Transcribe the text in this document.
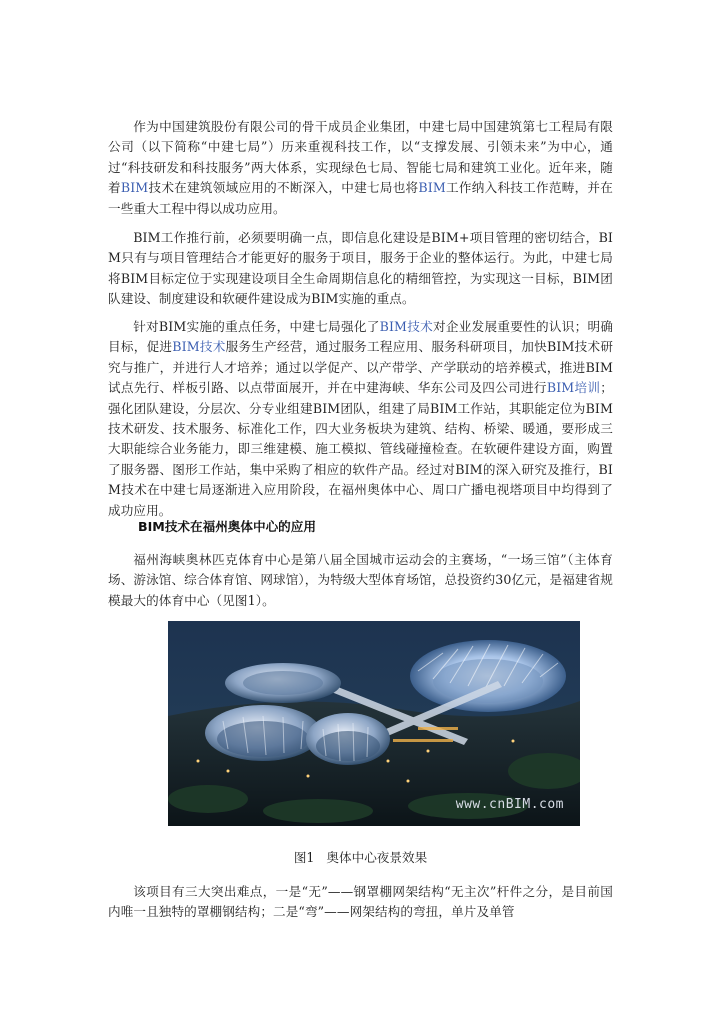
作为中国建筑股份有限公司的骨干成员企业集团，中建七局中国建筑第七工程局有限公司（以下简称“中建七局”）历来重视科技工作，以“支撑发展、引领未来”为中心，通过“科技研发和科技服务”两大体系，实现绿色七局、智能七局和建筑工业化。近年来，随着BIM技术在建筑领域应用的不断深入，中建七局也将BIM工作纳入科技工作范畴，并在一些重大工程中得以成功应用。

BIM工作推行前，必须要明确一点，即信息化建设是BIM+项目管理的密切结合，BIM只有与项目管理结合才能更好的服务于项目，服务于企业的整体运行。为此，中建七局将BIM目标定位于实现建设项目全生命周期信息化的精细管控，为实现这一目标，BIM团队建设、制度建设和软硬件建设成为BIM实施的重点。

针对BIM实施的重点任务，中建七局强化了BIM技术对企业发展重要性的认识；明确目标，促进BIM技术服务生产经营，通过服务工程应用、服务科研项目，加快BIM技术研究与推广，并进行人才培养；通过以学促产、以产带学、产学联动的培养模式，推进BIM试点先行、样板引路、以点带面展开，并在中建海峡、华东公司及四公司进行BIM培训；强化团队建设，分层次、分专业组建BIM团队，组建了局BIM工作站，其职能定位为BIM技术研发、技术服务、标准化工作，四大业务板块为建筑、结构、桥梁、暖通，要形成三大职能综合业务能力，即三维建模、施工模拟、管线碰撞检查。在软硬件建设方面，购置了服务器、图形工作站，集中采购了相应的软件产品。经过对BIM的深入研究及推行，BIM技术在中建七局逐渐进入应用阶段，在福州奥体中心、周口广播电视塔项目中均得到了成功应用。

BIM技术在福州奥体中心的应用

福州海峡奥林匹克体育中心是第八届全国城市运动会的主赛场，“一场三馆”（主体育场、游泳馆、综合体育馆、网球馆），为特级大型体育场馆，总投资约30亿元，是福建省规模最大的体育中心（见图1）。

www.cnBIM.com
图1 奥体中心夜景效果

该项目有三大突出难点，一是“无”——钢罩棚网架结构“无主次”杆件之分，是目前国内唯一且独特的罩棚钢结构；二是“弯”——网架结构的弯扭，单片及单管
